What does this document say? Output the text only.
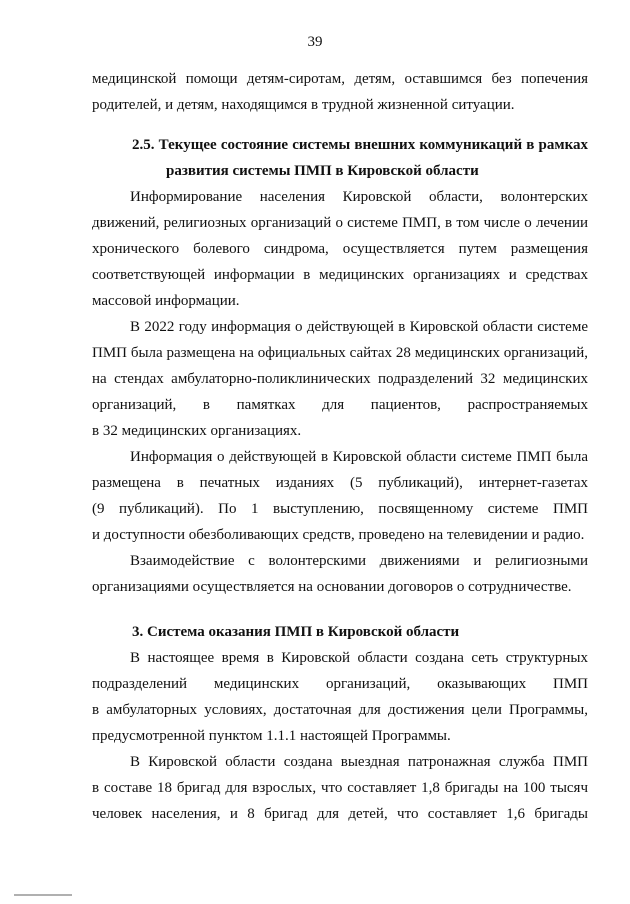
39

медицинской помощи детям-сиротам, детям, оставшимся без попечения
родителей, и детям, находящимся в трудной жизненной ситуации.

2.5. Текущее состояние системы внешних коммуникаций в рамках
развития системы ПМП в Кировской области

Информирование населения Кировской области, волонтерских
движений, религиозных организаций о системе ПМП, в том числе о лечении
хронического болевого синдрома, осуществляется путем размещения
соответствующей информации в медицинских организациях и средствах
массовой информации.

В 2022 году информация о действующей в Кировской области системе
ПМП была размещена на официальных сайтах 28 медицинских организаций,
на стендах амбулаторно-поликлинических подразделений 32 медицинских
организаций, в памятках для пациентов, распространяемых
в 32 медицинских организациях.

Информация о действующей в Кировской области системе ПМП была
размещена в печатных изданиях (5 публикаций), интернет-газетах
(9 публикаций). По 1 выступлению, посвященному системе ПМП
и доступности обезболивающих средств, проведено на телевидении и радио.

Взаимодействие с волонтерскими движениями и религиозными
организациями осуществляется на основании договоров о сотрудничестве.

3. Система оказания ПМП в Кировской области

В настоящее время в Кировской области создана сеть структурных
подразделений медицинских организаций, оказывающих ПМП
в амбулаторных условиях, достаточная для достижения цели Программы,
предусмотренной пунктом 1.1.1 настоящей Программы.

В Кировской области создана выездная патронажная служба ПМП
в составе 18 бригад для взрослых, что составляет 1,8 бригады на 100 тысяч
человек населения, и 8 бригад для детей, что составляет 1,6 бригады
